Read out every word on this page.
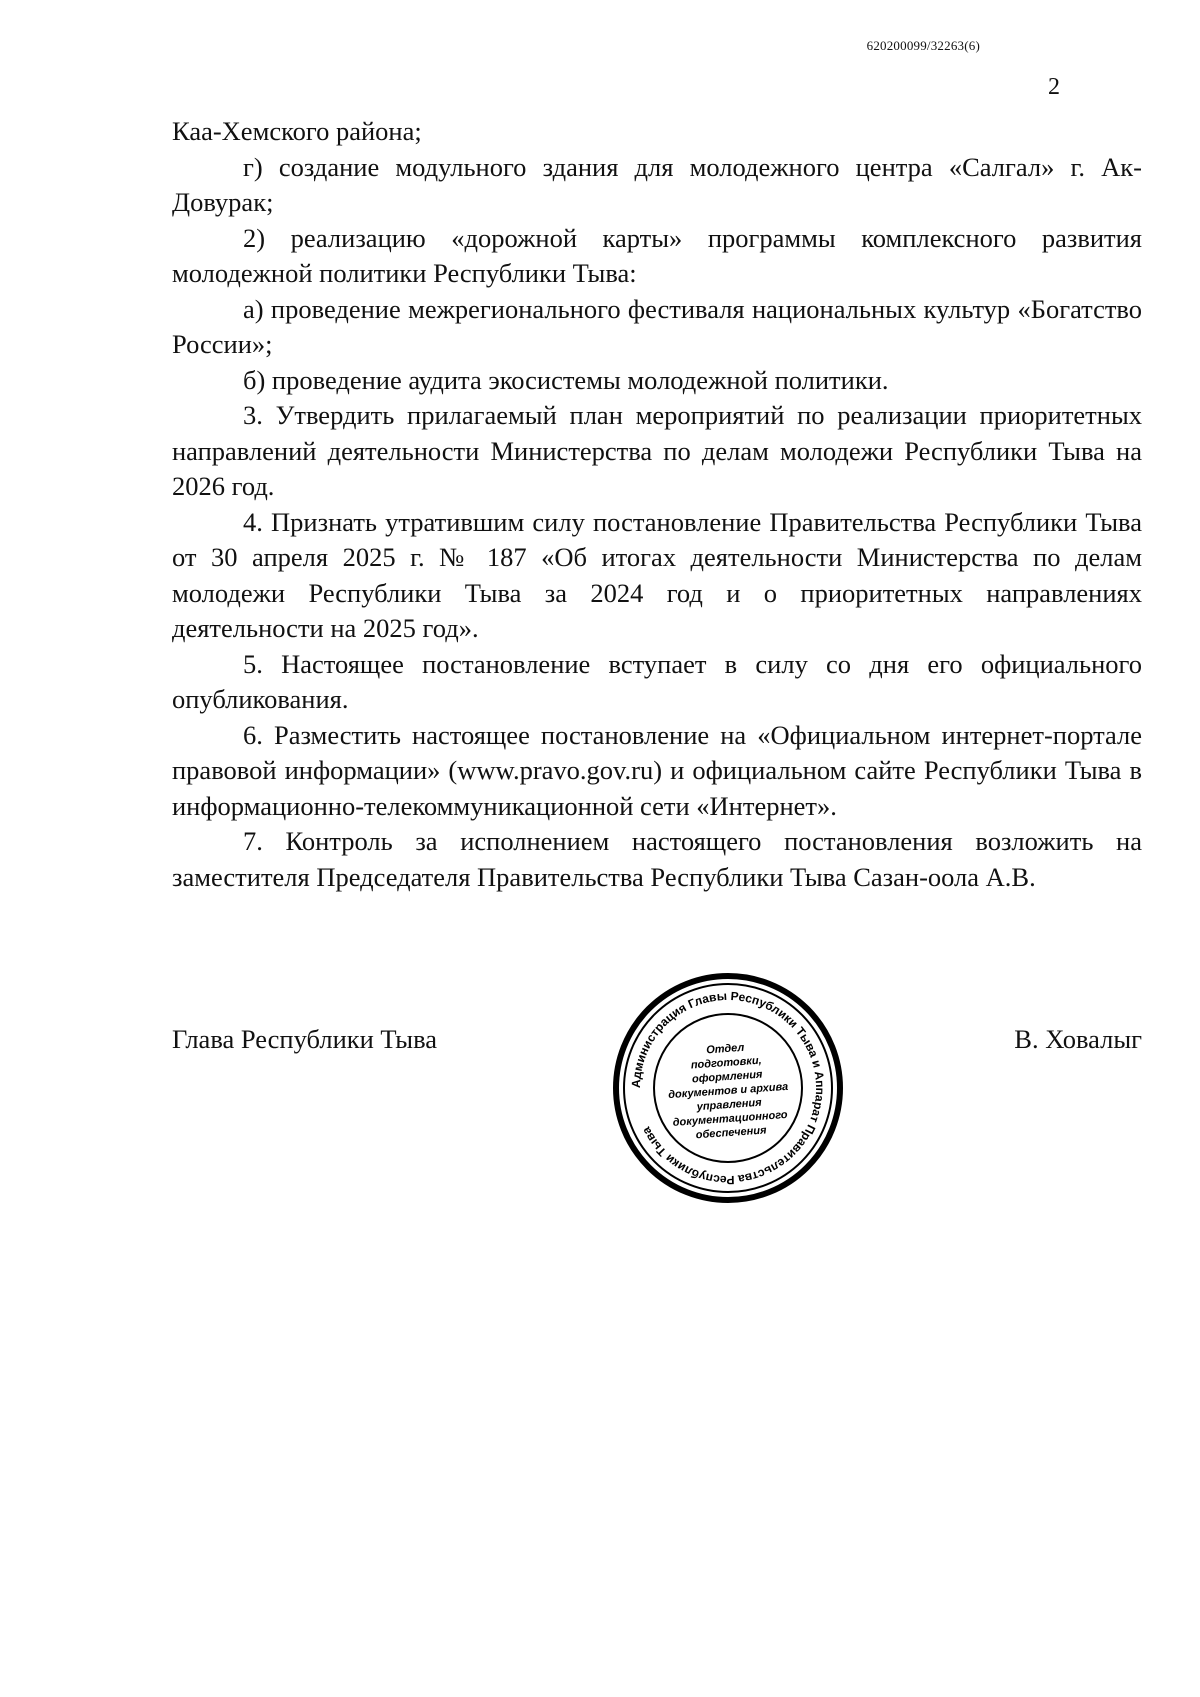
620200099/32263(6)
2

Каа-Хемского района;

г) создание модульного здания для молодежного центра «Салгал» г. Ак-Довурак;

2) реализацию «дорожной карты» программы комплексного развития молодежной политики Республики Тыва:

а) проведение межрегионального фестиваля национальных культур «Богатство России»;

б) проведение аудита экосистемы молодежной политики.

3. Утвердить прилагаемый план мероприятий по реализации приоритетных направлений деятельности Министерства по делам молодежи Республики Тыва на 2026 год.

4. Признать утратившим силу постановление Правительства Республики Тыва от 30 апреля 2025 г. № 187 «Об итогах деятельности Министерства по делам молодежи Республики Тыва за 2024 год и о приоритетных направлениях деятельности на 2025 год».

5. Настоящее постановление вступает в силу со дня его официального опубликования.

6. Разместить настоящее постановление на «Официальном интернет-портале правовой информации» (www.pravo.gov.ru) и официальном сайте Республики Тыва в информационно-телекоммуникационной сети «Интернет».

7. Контроль за исполнением настоящего постановления возложить на заместителя Председателя Правительства Республики Тыва Сазан-оола А.В.

Глава Республики Тыва
Администрация Главы Республики Тыва и Аппарат Правительства Республики Тыва
Отдел
подготовки,
оформления
документов и архива
управления
документационного
обеспечения
В. Ховалыг
